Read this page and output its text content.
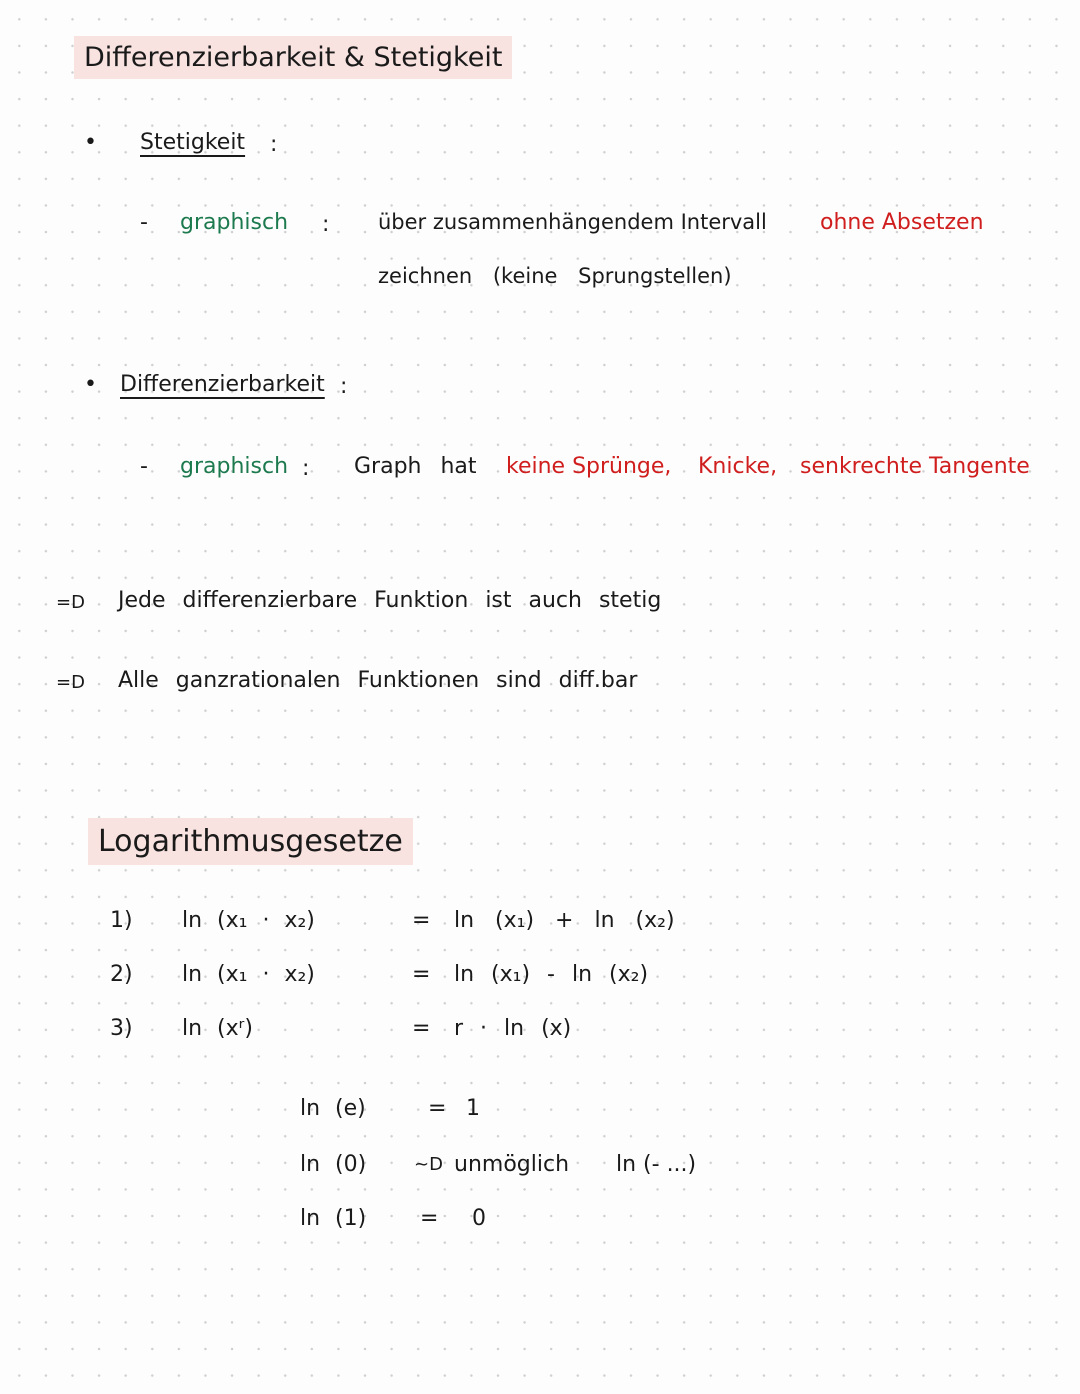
Differenzierbarkeit & Stetigkeit
• Stetigkeit :
- graphisch : über zusammenhängendem Intervall ohne Absetzen
zeichnen (keine Sprungstellen)
• Differenzierbarkeit :
- graphisch : Graph hat keine Sprünge, Knicke, senkrechte Tangente
=D Jede differenzierbare Funktion ist auch stetig
=D Alle ganzrationalen Funktionen sind diff.bar
Logarithmusgesetze
1) ln (x₁ · x₂)	= ln (x₁) + ln (x₂)
2) ln (x₁ · x₂)	= ln (x₁) - ln (x₂)
3) ln (xʳ)	= r · ln (x)
ln (e)	= 1
ln (0)	~D unmöglich ln (- ...)
ln (1) = 0
